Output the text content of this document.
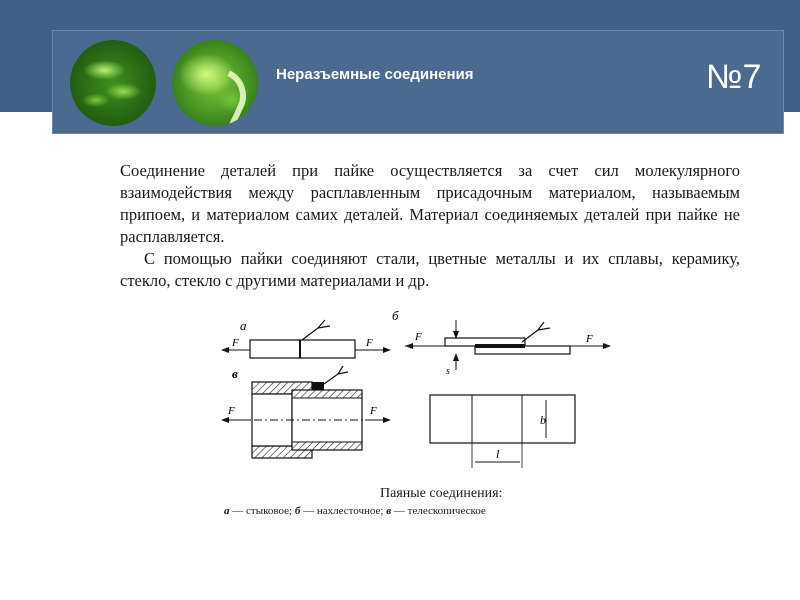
Неразъемные соединения	№7

Соединение деталей при пайке осуществляется за счет сил молекулярного взаимодействия между расплавленным присадочным материалом, называемым припоем, и материалом самих деталей. Материал соединяемых деталей при пайке не расплавляется.

С помощью пайки соединяют стали, цветные металлы и их сплавы, керамику, стекло, стекло с другими материалами и др.

а
F	F
б
F	F
s
в
F	F
b
l
Паяные соединения:
а — стыковое; б — нахлесточное; в — телескопическое
